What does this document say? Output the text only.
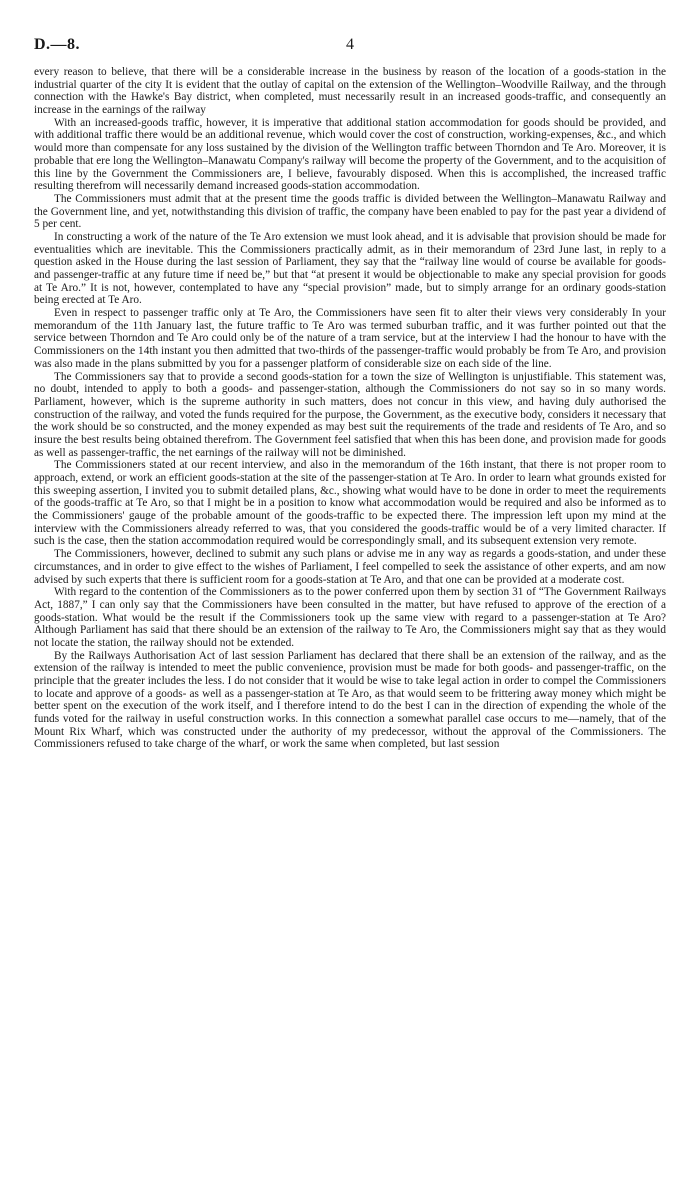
D.—8.	4

every reason to believe, that there will be a considerable increase in the business by reason of the location of a goods-station in the industrial quarter of the city It is evident that the outlay of capital on the extension of the Wellington–Woodville Railway, and the through connection with the Hawke's Bay district, when completed, must necessarily result in an increased goods-traffic, and consequently an increase in the earnings of the railway

With an increased-goods traffic, however, it is imperative that additional station accommodation for goods should be provided, and with additional traffic there would be an additional revenue, which would cover the cost of construction, working-expenses, &c., and which would more than compensate for any loss sustained by the division of the Wellington traffic between Thorndon and Te Aro. Moreover, it is probable that ere long the Wellington–Manawatu Company's railway will become the property of the Government, and to the acquisition of this line by the Government the Commissioners are, I believe, favourably disposed. When this is accomplished, the increased traffic resulting therefrom will necessarily demand increased goods-station accommodation.

The Commissioners must admit that at the present time the goods traffic is divided between the Wellington–Manawatu Railway and the Government line, and yet, notwithstanding this division of traffic, the company have been enabled to pay for the past year a dividend of 5 per cent.

In constructing a work of the nature of the Te Aro extension we must look ahead, and it is advisable that provision should be made for eventualities which are inevitable. This the Commissioners practically admit, as in their memorandum of 23rd June last, in reply to a question asked in the House during the last session of Parliament, they say that the “railway line would of course be available for goods- and passenger-traffic at any future time if need be,” but that “at present it would be objectionable to make any special provision for goods at Te Aro.” It is not, however, contemplated to have any “special provision” made, but to simply arrange for an ordinary goods-station being erected at Te Aro.

Even in respect to passenger traffic only at Te Aro, the Commissioners have seen fit to alter their views very considerably In your memorandum of the 11th January last, the future traffic to Te Aro was termed suburban traffic, and it was further pointed out that the service between Thorndon and Te Aro could only be of the nature of a tram service, but at the interview I had the honour to have with the Commissioners on the 14th instant you then admitted that two-thirds of the passenger-traffic would probably be from Te Aro, and provision was also made in the plans submitted by you for a passenger platform of considerable size on each side of the line.

The Commissioners say that to provide a second goods-station for a town the size of Wellington is unjustifiable. This statement was, no doubt, intended to apply to both a goods- and passenger-station, although the Commissioners do not say so in so many words. Parliament, however, which is the supreme authority in such matters, does not concur in this view, and having duly authorised the construction of the railway, and voted the funds required for the purpose, the Government, as the executive body, considers it necessary that the work should be so constructed, and the money expended as may best suit the requirements of the trade and residents of Te Aro, and so insure the best results being obtained therefrom. The Government feel satisfied that when this has been done, and provision made for goods as well as passenger-traffic, the net earnings of the railway will not be diminished.

The Commissioners stated at our recent interview, and also in the memorandum of the 16th instant, that there is not proper room to approach, extend, or work an efficient goods-station at the site of the passenger-station at Te Aro. In order to learn what grounds existed for this sweeping assertion, I invited you to submit detailed plans, &c., showing what would have to be done in order to meet the requirements of the goods-traffic at Te Aro, so that I might be in a position to know what accommodation would be required and also be informed as to the Commissioners' gauge of the probable amount of the goods-traffic to be expected there. The impression left upon my mind at the interview with the Commissioners already referred to was, that you considered the goods-traffic would be of a very limited character. If such is the case, then the station accommodation required would be correspondingly small, and its subsequent extension very remote.

The Commissioners, however, declined to submit any such plans or advise me in any way as regards a goods-station, and under these circumstances, and in order to give effect to the wishes of Parliament, I feel compelled to seek the assistance of other experts, and am now advised by such experts that there is sufficient room for a goods-station at Te Aro, and that one can be provided at a moderate cost.

With regard to the contention of the Commissioners as to the power conferred upon them by section 31 of “The Government Railways Act, 1887,” I can only say that the Commissioners have been consulted in the matter, but have refused to approve of the erection of a goods-station. What would be the result if the Commissioners took up the same view with regard to a passenger-station at Te Aro? Although Parliament has said that there should be an extension of the railway to Te Aro, the Commissioners might say that as they would not locate the station, the railway should not be extended.

By the Railways Authorisation Act of last session Parliament has declared that there shall be an extension of the railway, and as the extension of the railway is intended to meet the public convenience, provision must be made for both goods- and passenger-traffic, on the principle that the greater includes the less. I do not consider that it would be wise to take legal action in order to compel the Commissioners to locate and approve of a goods- as well as a passenger-station at Te Aro, as that would seem to be frittering away money which might be better spent on the execution of the work itself, and I therefore intend to do the best I can in the direction of expending the whole of the funds voted for the railway in useful construction works. In this connection a somewhat parallel case occurs to me—namely, that of the Mount Rix Wharf, which was constructed under the authority of my predecessor, without the approval of the Commissioners. The Commissioners refused to take charge of the wharf, or work the same when completed, but last session
